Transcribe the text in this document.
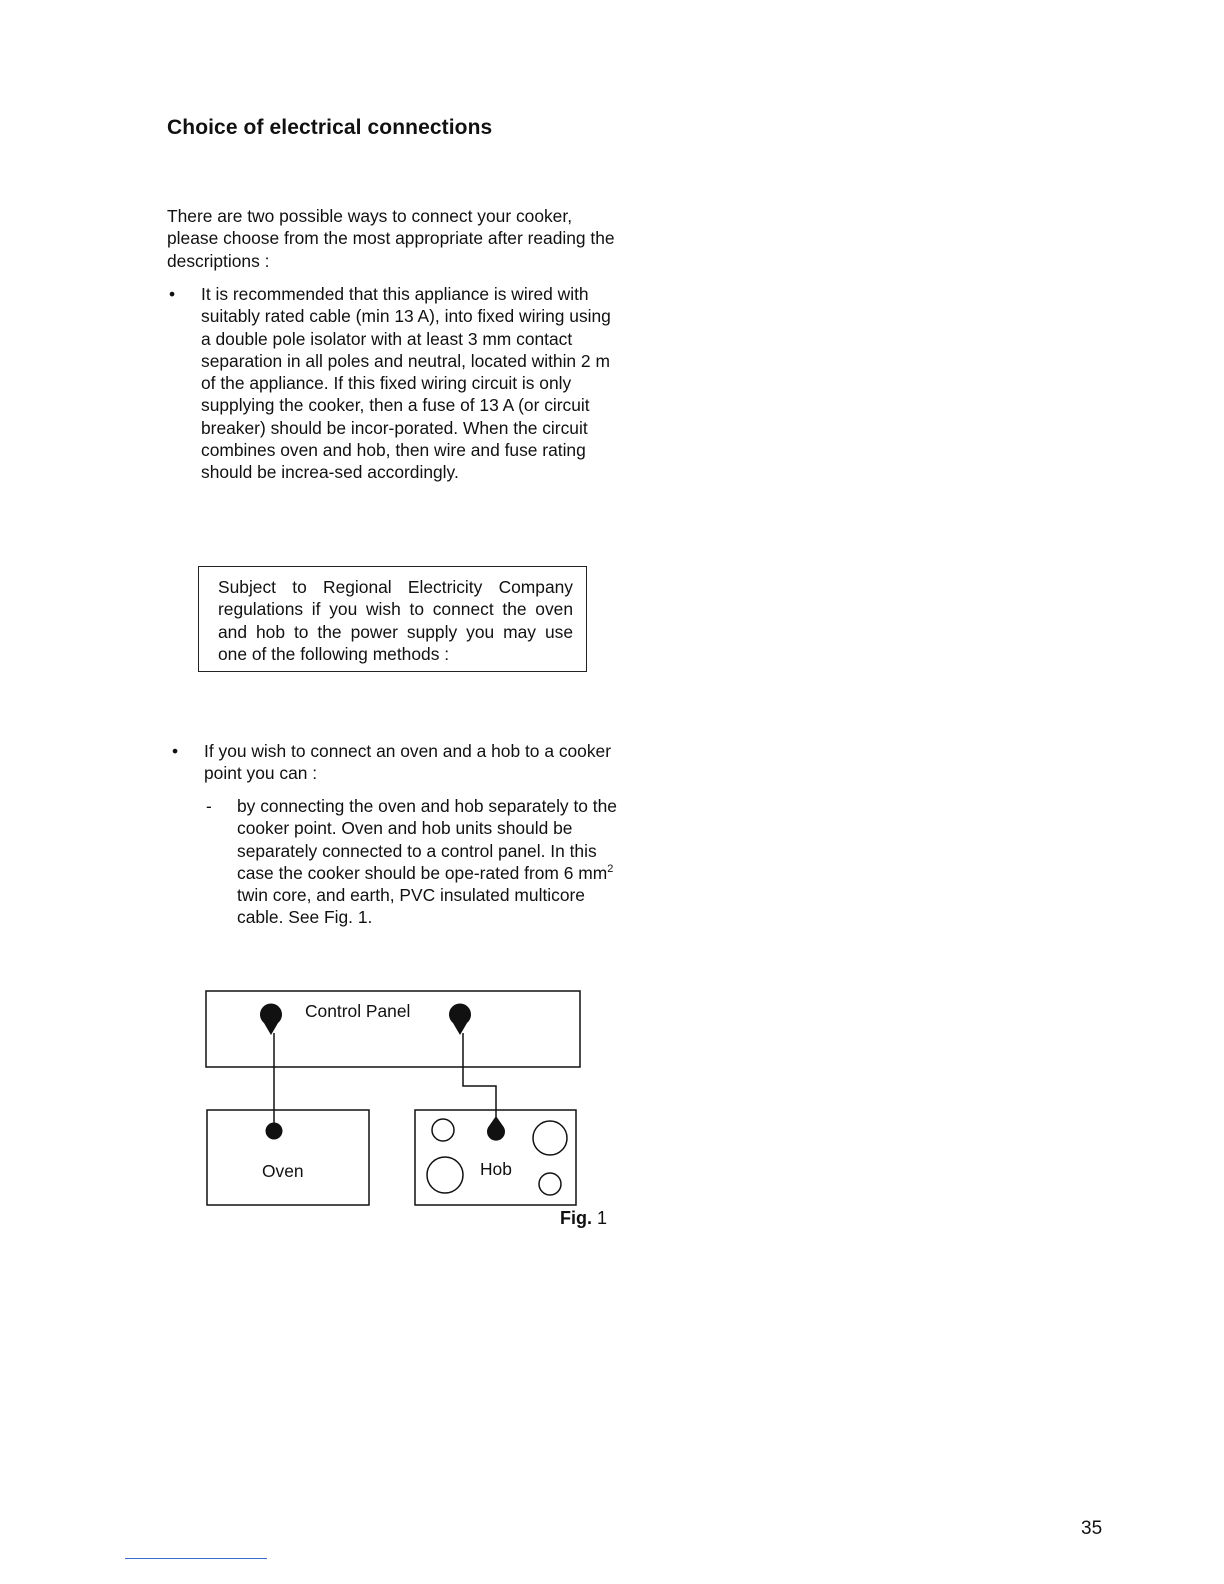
Choice of electrical connections

There are two possible ways to connect your cooker, please choose from the most appropriate after reading the descriptions :

• It is recommended that this appliance is wired with suitably rated cable (min 13 A), into fixed wiring using a double pole isolator with at least 3 mm contact separation in all poles and neutral, located within 2 m of the appliance. If this fixed wiring circuit is only supplying the cooker, then a fuse of 13 A (or circuit breaker) should be incor-porated. When the circuit combines oven and hob, then wire and fuse rating should be increa-sed accordingly.

Subject to Regional Electricity Company regulations if you wish to connect the oven and hob to the power supply you may use one of the following methods :

• If you wish to connect an oven and a hob to a cooker point you can :

- by connecting the oven and hob separately to the cooker point. Oven and hob units should be separately connected to a control panel. In this case the cooker should be ope-rated from 6 $mm^2$ twin core, and earth, PVC insulated multicore cable. See Fig. 1.

Control Panel
Oven	Hob
Fig. 1
35
